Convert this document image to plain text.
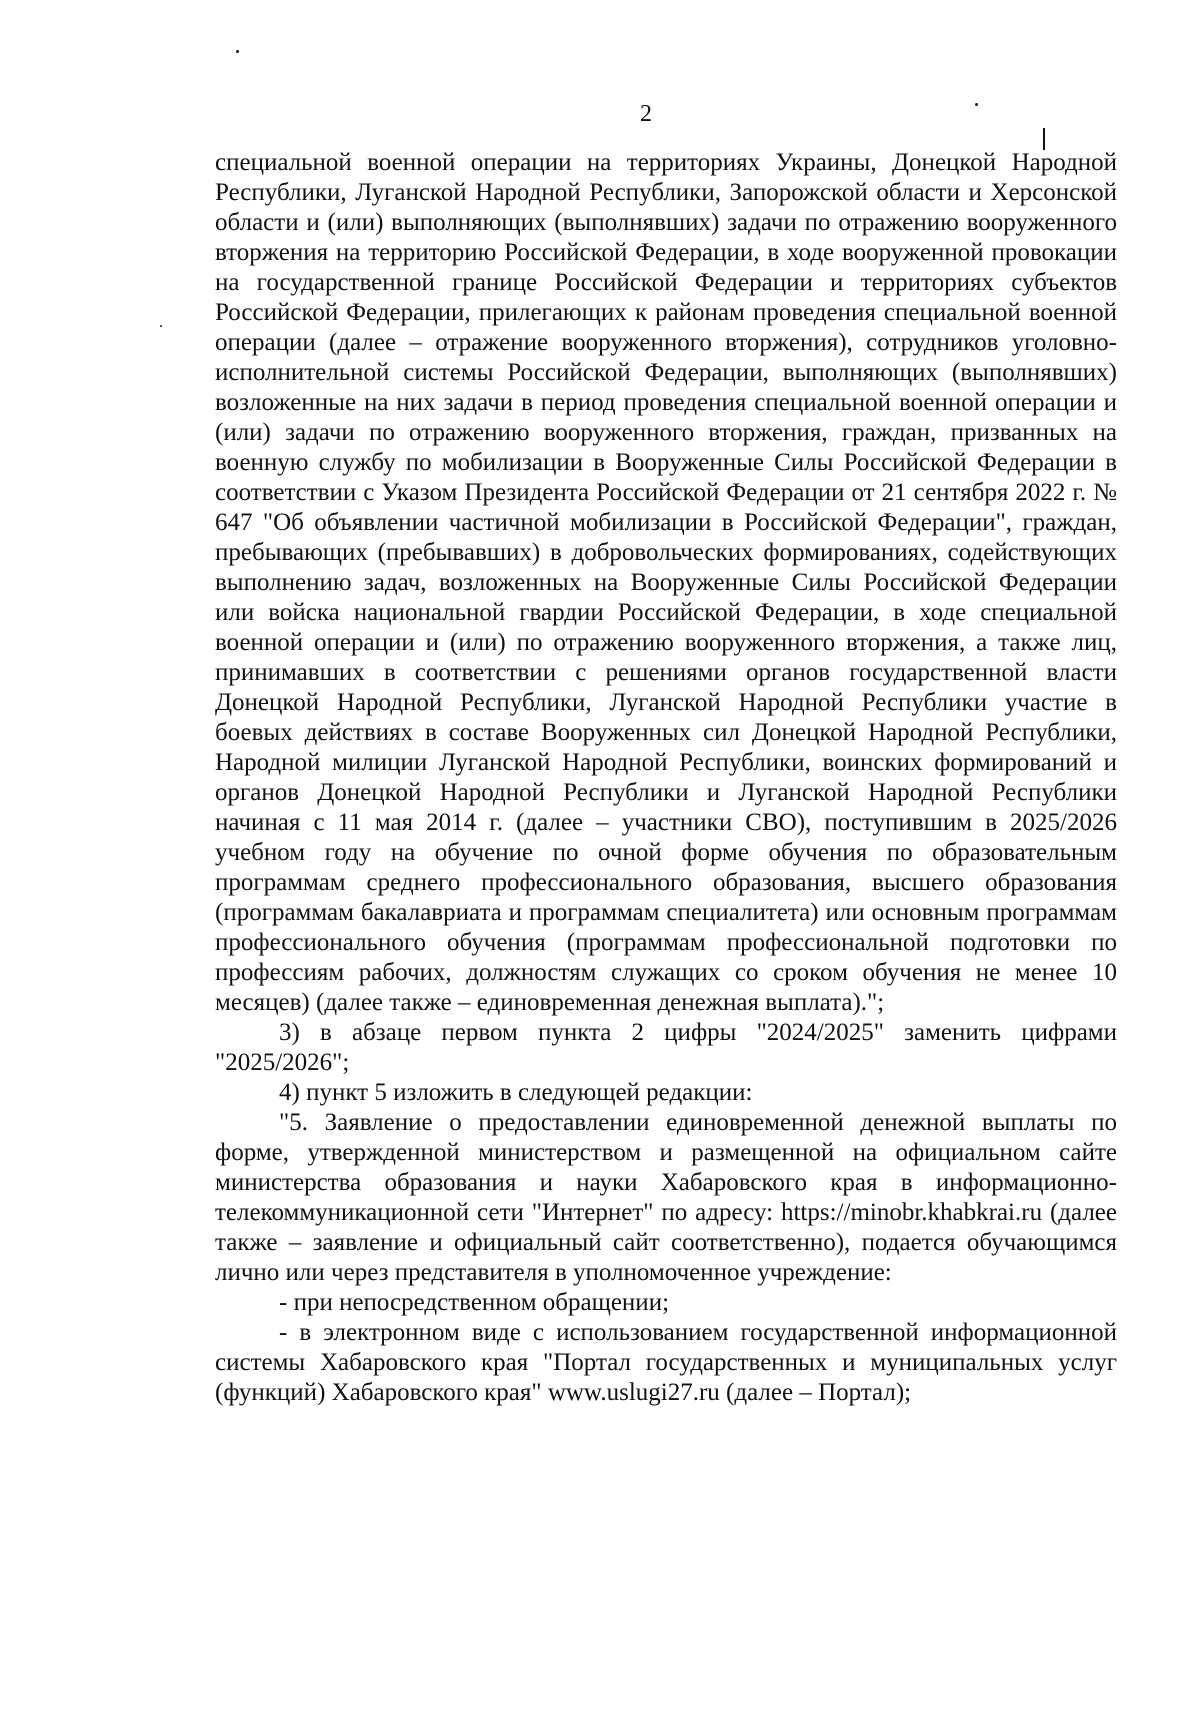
2

специальной военной операции на территориях Украины, Донецкой Народной Республики, Луганской Народной Республики, Запорожской области и Херсонской области и (или) выполняющих (выполнявших) задачи по отражению вооруженного вторжения на территорию Российской Федерации, в ходе вооруженной провокации на государственной границе Российской Федерации и территориях субъектов Российской Федерации, прилегающих к районам проведения специальной военной операции (далее – отражение вооруженного вторжения), сотрудников уголовно-исполнительной системы Российской Федерации, выполняющих (выполнявших) возложенные на них задачи в период проведения специальной военной операции и (или) задачи по отражению вооруженного вторжения, граждан, призванных на военную службу по мобилизации в Вооруженные Силы Российской Федерации в соответствии с Указом Президента Российской Федерации от 21 сентября 2022 г. № 647 "Об объявлении частичной мобилизации в Российской Федерации", граждан, пребывающих (пребывавших) в добровольческих формированиях, содействующих выполнению задач, возложенных на Вооруженные Силы Российской Федерации или войска национальной гвардии Российской Федерации, в ходе специальной военной операции и (или) по отражению вооруженного вторжения, а также лиц, принимавших в соответствии с решениями органов государственной власти Донецкой Народной Республики, Луганской Народной Республики участие в боевых действиях в составе Вооруженных сил Донецкой Народной Республики, Народной милиции Луганской Народной Республики, воинских формирований и органов Донецкой Народной Республики и Луганской Народной Республики начиная с 11 мая 2014 г. (далее – участники СВО), поступившим в 2025/2026 учебном году на обучение по очной форме обучения по образовательным программам среднего профессионального образования, высшего образования (программам бакалавриата и программам специалитета) или основным программам профессионального обучения (программам профессиональной подготовки по профессиям рабочих, должностям служащих со сроком обучения не менее 10 месяцев) (далее также – единовременная денежная выплата).";

3) в абзаце первом пункта 2 цифры "2024/2025" заменить цифрами "2025/2026";

4) пункт 5 изложить в следующей редакции:

"5. Заявление о предоставлении единовременной денежной выплаты по форме, утвержденной министерством и размещенной на официальном сайте министерства образования и науки Хабаровского края в информационно-телекоммуникационной сети "Интернет" по адресу: https://minobr.khabkrai.ru (далее также – заявление и официальный сайт соответственно), подается обучающимся лично или через представителя в уполномоченное учреждение:

- при непосредственном обращении;

- в электронном виде с использованием государственной информационной системы Хабаровского края "Портал государственных и муниципальных услуг (функций) Хабаровского края" www.uslugi27.ru (далее – Портал);
